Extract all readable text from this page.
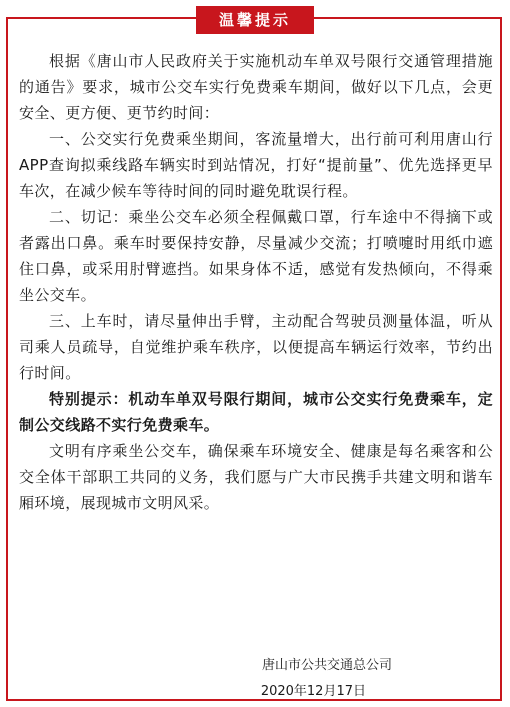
温馨提示

根据《唐山市人民政府关于实施机动车单双号限行交通管理措施的通告》要求，城市公交车实行免费乘车期间，做好以下几点，会更安全、更方便、更节约时间：

一、公交实行免费乘坐期间，客流量增大，出行前可利用唐山行APP查询拟乘线路车辆实时到站情况，打好“提前量”、优先选择更早车次，在减少候车等待时间的同时避免耽误行程。

二、切记：乘坐公交车必须全程佩戴口罩，行车途中不得摘下或者露出口鼻。乘车时要保持安静，尽量减少交流；打喷嚏时用纸巾遮住口鼻，或采用肘臂遮挡。如果身体不适，感觉有发热倾向，不得乘坐公交车。

三、上车时，请尽量伸出手臂，主动配合驾驶员测量体温，听从司乘人员疏导，自觉维护乘车秩序，以便提高车辆运行效率，节约出行时间。

特别提示：机动车单双号限行期间，城市公交实行免费乘车，定制公交线路不实行免费乘车。

文明有序乘坐公交车，确保乘车环境安全、健康是每名乘客和公交全体干部职工共同的义务，我们愿与广大市民携手共建文明和谐车厢环境，展现城市文明风采。

唐山市公共交通总公司
2020年12月17日
